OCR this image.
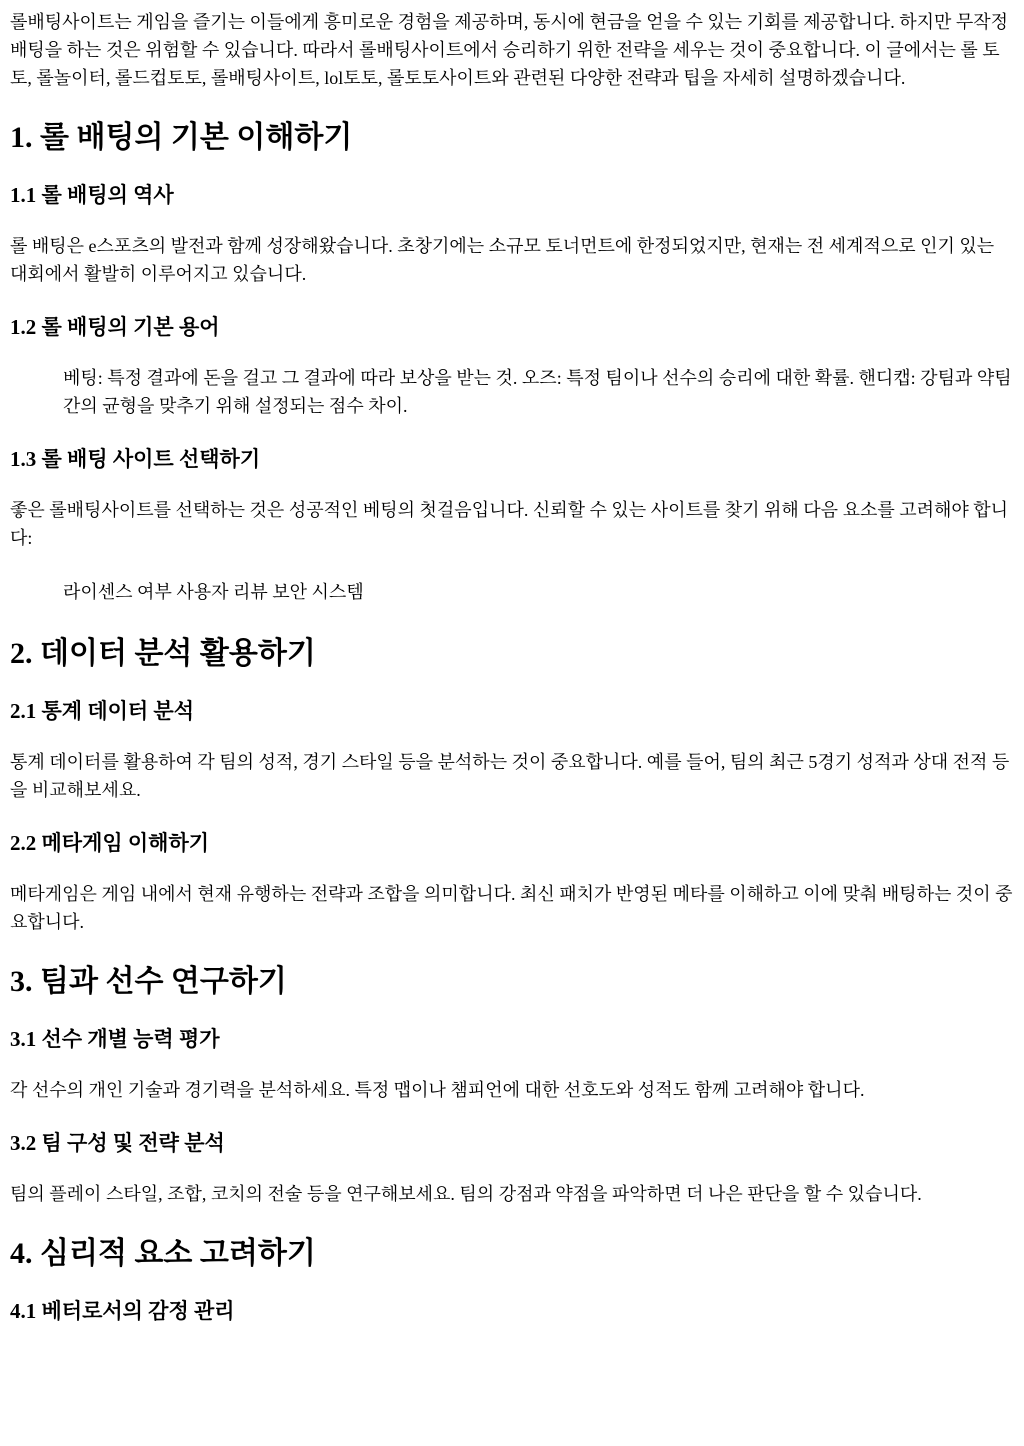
롤배팅사이트는 게임을 즐기는 이들에게 흥미로운 경험을 제공하며, 동시에 현금을 얻을 수 있는 기회를 제공합니다. 하지만 무작정 배팅을 하는 것은 위험할 수 있습니다. 따라서 롤배팅사이트에서 승리하기 위한 전략을 세우는 것이 중요합니다. 이 글에서는 롤 토토, 롤놀이터, 롤드컵토토, 롤배팅사이트, lol토토, 롤토토사이트와 관련된 다양한 전략과 팁을 자세히 설명하겠습니다.

1. 롤 배팅의 기본 이해하기
1.1 롤 배팅의 역사

롤 배팅은 e스포츠의 발전과 함께 성장해왔습니다. 초창기에는 소규모 토너먼트에 한정되었지만, 현재는 전 세계적으로 인기 있는 대회에서 활발히 이루어지고 있습니다.

1.2 롤 배팅의 기본 용어

베팅: 특정 결과에 돈을 걸고 그 결과에 따라 보상을 받는 것. 오즈: 특정 팀이나 선수의 승리에 대한 확률. 핸디캡: 강팀과 약팀 간의 균형을 맞추기 위해 설정되는 점수 차이.

1.3 롤 배팅 사이트 선택하기

좋은 롤배팅사이트를 선택하는 것은 성공적인 베팅의 첫걸음입니다. 신뢰할 수 있는 사이트를 찾기 위해 다음 요소를 고려해야 합니다:

라이센스 여부 사용자 리뷰 보안 시스템

2. 데이터 분석 활용하기
2.1 통계 데이터 분석

통계 데이터를 활용하여 각 팀의 성적, 경기 스타일 등을 분석하는 것이 중요합니다. 예를 들어, 팀의 최근 5경기 성적과 상대 전적 등을 비교해보세요.

2.2 메타게임 이해하기

메타게임은 게임 내에서 현재 유행하는 전략과 조합을 의미합니다. 최신 패치가 반영된 메타를 이해하고 이에 맞춰 배팅하는 것이 중요합니다.

3. 팀과 선수 연구하기
3.1 선수 개별 능력 평가

각 선수의 개인 기술과 경기력을 분석하세요. 특정 맵이나 챔피언에 대한 선호도와 성적도 함께 고려해야 합니다.

3.2 팀 구성 및 전략 분석

팀의 플레이 스타일, 조합, 코치의 전술 등을 연구해보세요. 팀의 강점과 약점을 파악하면 더 나은 판단을 할 수 있습니다.

4. 심리적 요소 고려하기
4.1 베터로서의 감정 관리
